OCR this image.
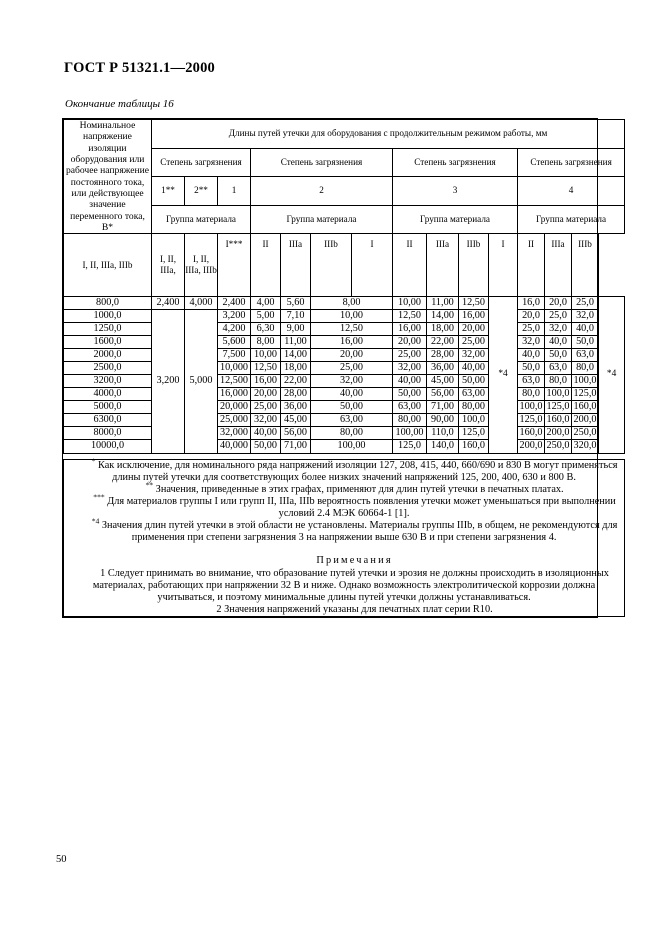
ГОСТ Р 51321.1—2000
Окончание таблицы 16
Номинальное напряжение изоляции оборудования или рабочее напряжение постоянного тока, или действующее значение переменного тока, В*	Длины путей утечки для оборудования с продолжительным режимом работы, мм														
	Степень загрязнения			Степень загрязнения				Степень загрязнения				Степень загрязнения			
	1**	2**	1	2				3				4			
	Группа материала			Группа материала				Группа материала				Группа материала			
I, II, IIIa, IIIb	I, II, IIIa,	I, II, IIIa, IIIb	I***	II	IIIa	IIIb	I	II	IIIa	IIIb	I	II	IIIa	IIIb	
800,0	2,400	4,000	2,400	4,00	5,60	8,00		10,00	11,00	12,50	*4	16,0	20,0	25,0	*4
1000,0	3,200	5,000	3,200	5,00	7,10	10,00		12,50	14,00	16,00		20,0	25,0	32,0	
1250,0			4,200	6,30	9,00	12,50		16,00	18,00	20,00		25,0	32,0	40,0	
1600,0			5,600	8,00	11,00	16,00		20,00	22,00	25,00		32,0	40,0	50,0	
2000,0			7,500	10,00	14,00	20,00		25,00	28,00	32,00		40,0	50,0	63,0	
2500,0			10,000	12,50	18,00	25,00		32,00	36,00	40,00		50,0	63,0	80,0	
3200,0			12,500	16,00	22,00	32,00		40,00	45,00	50,00		63,0	80,0	100,0	
4000,0			16,000	20,00	28,00	40,00		50,00	56,00	63,00		80,0	100,0	125,0	
5000,0			20,000	25,00	36,00	50,00		63,00	71,00	80,00		100,0	125,0	160,0	
6300,0			25,000	32,00	45,00	63,00		80,00	90,00	100,0		125,0	160,0	200,0	
8000,0			32,000	40,00	56,00	80,00		100,00	110,0	125,0		160,0	200,0	250,0	
10000,0			40,000	50,00	71,00	100,00		125,0	140,0	160,0		200,0	250,0	320,0	

* Как исключение, для номинального ряда напряжений изоляции 127, 208, 415, 440, 660/690 и 830 В могут применяться длины путей утечки для соответствующих более низких значений напряжений 125, 200, 400, 630 и 800 В.

** Значения, приведенные в этих графах, применяют для длин путей утечки в печатных платах.

*** Для материалов группы I или групп II, IIIa, IIIb вероятность появления утечки может уменьшаться при выполнении условий 2.4 МЭК 60664-1 [1].

$^{*4}$ Значения длин путей утечки в этой области не установлены. Материалы группы IIIb, в общем, не рекомендуются для применения при степени загрязнения 3 на напряжении выше 630 В и при степени загрязнения 4.

Примечания

1 Следует принимать во внимание, что образование путей утечки и эрозия не должны происходить в изоляционных материалах, работающих при напряжении 32 В и ниже. Однако возможность электролитической коррозии должна учитываться, и поэтому минимальные длины путей утечки должны устанавливаться.

2 Значения напряжений указаны для печатных плат серии R10.

50
